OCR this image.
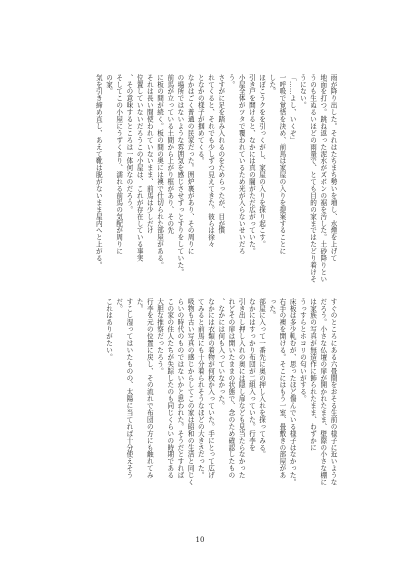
雨が降り出した。それはたちまち勢いを増し、水煙を上げて
地面を打つ。跳ね返った泥水がズボンの裾を汚した。土砂降りとい
うのも生ぬるいほどの雨量で、とても目的の家まではたどり着けそ
うにない。
「……よし、いくぞ」
一呼吸で覚悟を決め、前馬は家屋の入りを提案することに
した。
ほぼこうクをを引っくがし、家屋の入りを探り起こす。
引き戸を開けると、なかには真の闇がただ広がっていた。
小屋全体がツタで覆われているため光が入らないせいだろ
う。
さすがに足を踏み入れるのをためらったが、目が慣
れてくると、それでも少しずつ見えてきた。彼らは徐々
となかの様子が掴めてくる。
なかはごく普通の民家だった。囲炉裏があり、その周りに
の場所ではないような雰囲気を感じさせずっとすりをしていた。
前馬が立っている土間から上がり框があり、その先
に板の間が続く。板の間の奥には襖で仕切られた部屋がある。
それは長い間使われていないまま、前馬は少しだけ
位置していないだろうこの小屋は、これが存在している事実
、その意味するところは一体何なのだろう。
そしてこの小屋にうずくまり、濡れる前馬の気配が周りに
の家。
気を引き締め直し、あえて靴は脱がないまま屋内へと上がる。
すぐのところにある六畳間をおそる生前の様子に近いような
だろう。小さな仏壇の扉が開かれたまま、壁際の小さな棚に
は家族の写真が無造作に飾られたまま、わずかに
うっすらとホコリの匂いがする。
床板は多少軋むが、思ったほど傷んでいる様子はなかった。
右手の襖を開ける。そこにはもう一室、畳敷きの部屋があ
った。
部屋に入って一番先に奥の押し入れを探ってみる。
なかにはすっかり布団が二組入っていた。行李を
引き出し押し入れの奥には隠し扉なども見当たらなかった
れどその扉は開いたままの状態で、念のため確認したもの
、なかには何も入っていなかった。
なかには衣類の着物が何枚か入っていた。手にとって広げ
てみると前馬にも十分着られそうなほどの大きさだった。
吸物も古い写真の感じからしてこの家は昭和の生活と同じく
らいの時代のものではないかと思われた。そうだとすれば
この家の住人たちが失踪したのも同じくらいの時期である
大胆な推察だったろう。
行李を元の位置に戻し、その流れで布団の方にも触れてみ
た。
すこし湿ってはいたものの、太陽に当てれば十分使えそう
だ。
これはありがたい。
10
